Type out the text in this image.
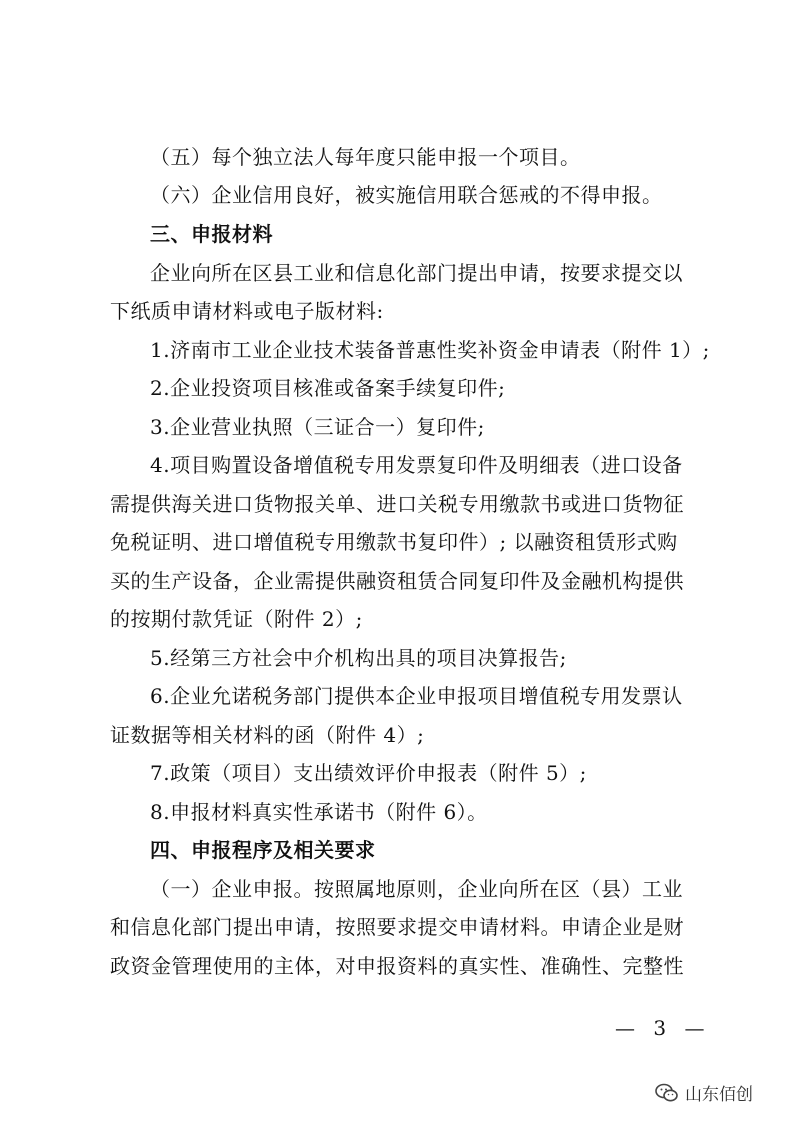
（五）每个独立法人每年度只能申报一个项目。
（六）企业信用良好，被实施信用联合惩戒的不得申报。
三、申报材料
企业向所在区县工业和信息化部门提出申请，按要求提交以
下纸质申请材料或电子版材料:
1.济南市工业企业技术装备普惠性奖补资金申请表（附件 1）;
2.企业投资项目核准或备案手续复印件;
3.企业营业执照（三证合一）复印件;
4.项目购置设备增值税专用发票复印件及明细表（进口设备
需提供海关进口货物报关单、进口关税专用缴款书或进口货物征
免税证明、进口增值税专用缴款书复印件）; 以融资租赁形式购
买的生产设备，企业需提供融资租赁合同复印件及金融机构提供
的按期付款凭证（附件 2）;
5.经第三方社会中介机构出具的项目决算报告;
6.企业允诺税务部门提供本企业申报项目增值税专用发票认
证数据等相关材料的函（附件 4）;
7.政策（项目）支出绩效评价申报表（附件 5）;
8.申报材料真实性承诺书（附件 6）。
四、申报程序及相关要求
（一）企业申报。按照属地原则，企业向所在区（县）工业
和信息化部门提出申请，按照要求提交申请材料。申请企业是财
政资金管理使用的主体，对申报资料的真实性、准确性、完整性
— 3 —
山东佰创
